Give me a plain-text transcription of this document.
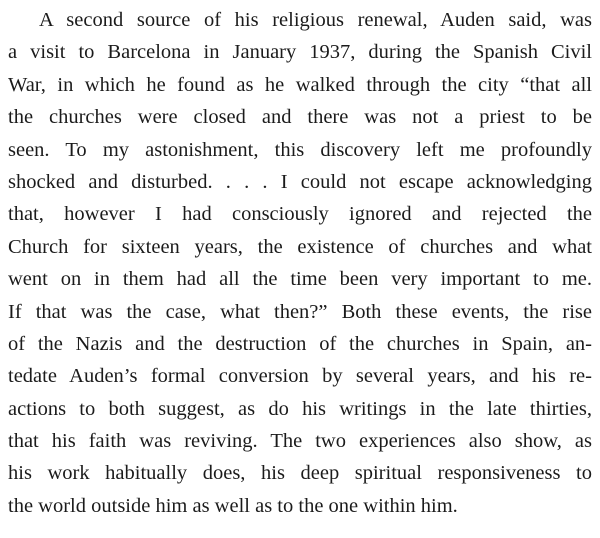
A second source of his religious renewal, Auden said, was
a visit to Barcelona in January 1937, during the Spanish Civil
War, in which he found as he walked through the city “that all
the churches were closed and there was not a priest to be
seen. To my astonishment, this discovery left me profoundly
shocked and disturbed. . . . I could not escape acknowledging
that, however I had consciously ignored and rejected the
Church for sixteen years, the existence of churches and what
went on in them had all the time been very important to me.
If that was the case, what then?” Both these events, the rise
of the Nazis and the destruction of the churches in Spain, an-
tedate Auden’s formal conversion by several years, and his re-
actions to both suggest, as do his writings in the late thirties,
that his faith was reviving. The two experiences also show, as
his work habitually does, his deep spiritual responsiveness to
the world outside him as well as to the one within him.
